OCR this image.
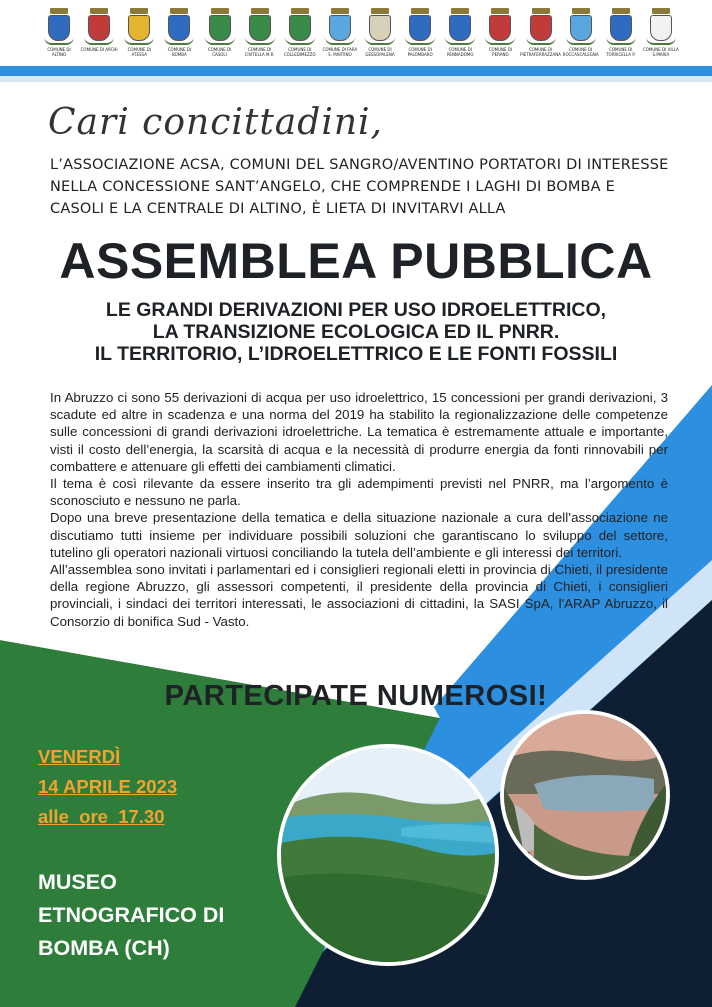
COMUNE DI ALTINO
COMUNE DI ARCHI	COMUNE DI ATESSA
COMUNE DI BOMBA
COMUNE DI CASOLI
COMUNE DI CIVITELLA M.R.
COMUNE DI COLLEDIMEZZO
COMUNE DI FARA S. MARTINO
COMUNE DI GESSOPALENA
COMUNE DI PALOMBARO
COMUNE DI PENNADOMO
COMUNE DI PERANO
COMUNE DI PIETRAFERRAZZANA
COMUNE DI ROCCASCALEGNA
COMUNE DI TORRICELLA P.
COMUNE DI VILLA S.MARIA
Cari concittadini,
L’ASSOCIAZIONE ACSA, COMUNI DEL SANGRO/AVENTINO PORTATORI DI INTERESSE NELLA CONCESSIONE SANT’ANGELO, CHE COMPRENDE I LAGHI DI BOMBA E CASOLI E LA CENTRALE DI ALTINO, È LIETA DI INVITARVI ALLA
ASSEMBLEA PUBBLICA
LE GRANDI DERIVAZIONI PER USO IDROELETTRICO,
LA TRANSIZIONE ECOLOGICA ED IL PNRR.
IL TERRITORIO, L’IDROELETTRICO E LE FONTI FOSSILI

In Abruzzo ci sono 55 derivazioni di acqua per uso idroelettrico, 15 concessioni per grandi derivazioni, 3 scadute ed altre in scadenza e una norma del 2019 ha stabilito la regionalizzazione delle competenze sulle concessioni di grandi derivazioni idroelettriche. La tematica è estremamente attuale e importante, visti il costo dell’energia, la scarsità di acqua e la necessità di produrre energia da fonti rinnovabili per combattere e attenuare gli effetti dei cambiamenti climatici.

Il tema è così rilevante da essere inserito tra gli adempimenti previsti nel PNRR, ma l’argomento è sconosciuto e nessuno ne parla.

Dopo una breve presentazione della tematica e della situazione nazionale a cura dell’associazione ne discutiamo tutti insieme per individuare possibili soluzioni che garantiscano lo sviluppo del settore, tutelino gli operatori nazionali virtuosi conciliando la tutela dell’ambiente e gli interessi dei territori.

All’assemblea sono invitati i parlamentari ed i consiglieri regionali eletti in provincia di Chieti, il presidente della regione Abruzzo, gli assessori competenti, il presidente della provincia di Chieti, i consiglieri provinciali, i sindaci dei territori interessati, le associazioni di cittadini, la SASI SpA, l'ARAP Abruzzo, il Consorzio di bonifica Sud - Vasto.

PARTECIPATE NUMEROSI!
VENERDÌ
14 APRILE 2023
alle  ore  17.30
MUSEO
ETNOGRAFICO DI
BOMBA (CH)
